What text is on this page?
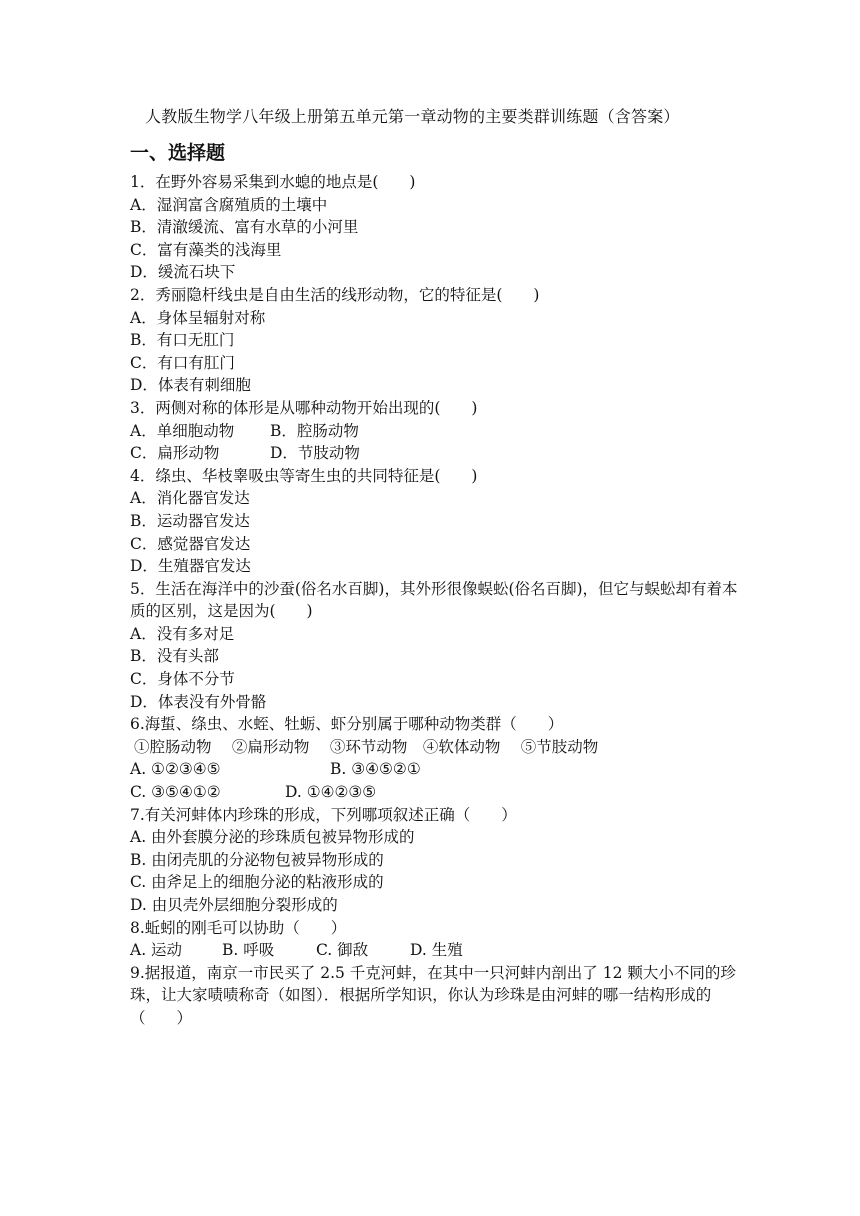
人教版生物学八年级上册第五单元第一章动物的主要类群训练题（含答案）
一、选择题
1．在野外容易采集到水螅的地点是(　　)
A．湿润富含腐殖质的土壤中
B．清澈缓流、富有水草的小河里
C．富有藻类的浅海里
D．缓流石块下
2．秀丽隐杆线虫是自由生活的线形动物，它的特征是(　　)
A．身体呈辐射对称
B．有口无肛门
C．有口有肛门
D．体表有刺细胞
3．两侧对称的体形是从哪种动物开始出现的(　　)
A．单细胞动物	B．腔肠动物
C．扁形动物	D．节肢动物
4．绦虫、华枝睾吸虫等寄生虫的共同特征是(　　)
A．消化器官发达
B．运动器官发达
C．感觉器官发达
D．生殖器官发达
5．生活在海洋中的沙蚕(俗名水百脚)，其外形很像蜈蚣(俗名百脚)，但它与蜈蚣却有着本质的区别，这是因为(　　)
A．没有多对足
B．没有头部
C．身体不分节
D．体表没有外骨骼
6.海蜇、绦虫、水蛭、牡蛎、虾分别属于哪种动物类群（　　）
①腔肠动物　 ②扁形动物　 ③环节动物　④软体动物　 ⑤节肢动物
A. ①②③④⑤	B. ③④⑤②①
C. ③⑤④①②	D. ①④②③⑤
7.有关河蚌体内珍珠的形成，下列哪项叙述正确（　　）
A. 由外套膜分泌的珍珠质包被异物形成的
B. 由闭壳肌的分泌物包被异物形成的
C. 由斧足上的细胞分泌的粘液形成的
D. 由贝壳外层细胞分裂形成的
8.蚯蚓的刚毛可以协助（　　）
A. 运动	B. 呼吸	C. 御敌	D. 生殖
9.据报道，南京一市民买了 2.5 千克河蚌，在其中一只河蚌内剖出了 12 颗大小不同的珍珠，让大家啧啧称奇（如图）．根据所学知识，你认为珍珠是由河蚌的哪一结构形成的（　　）
